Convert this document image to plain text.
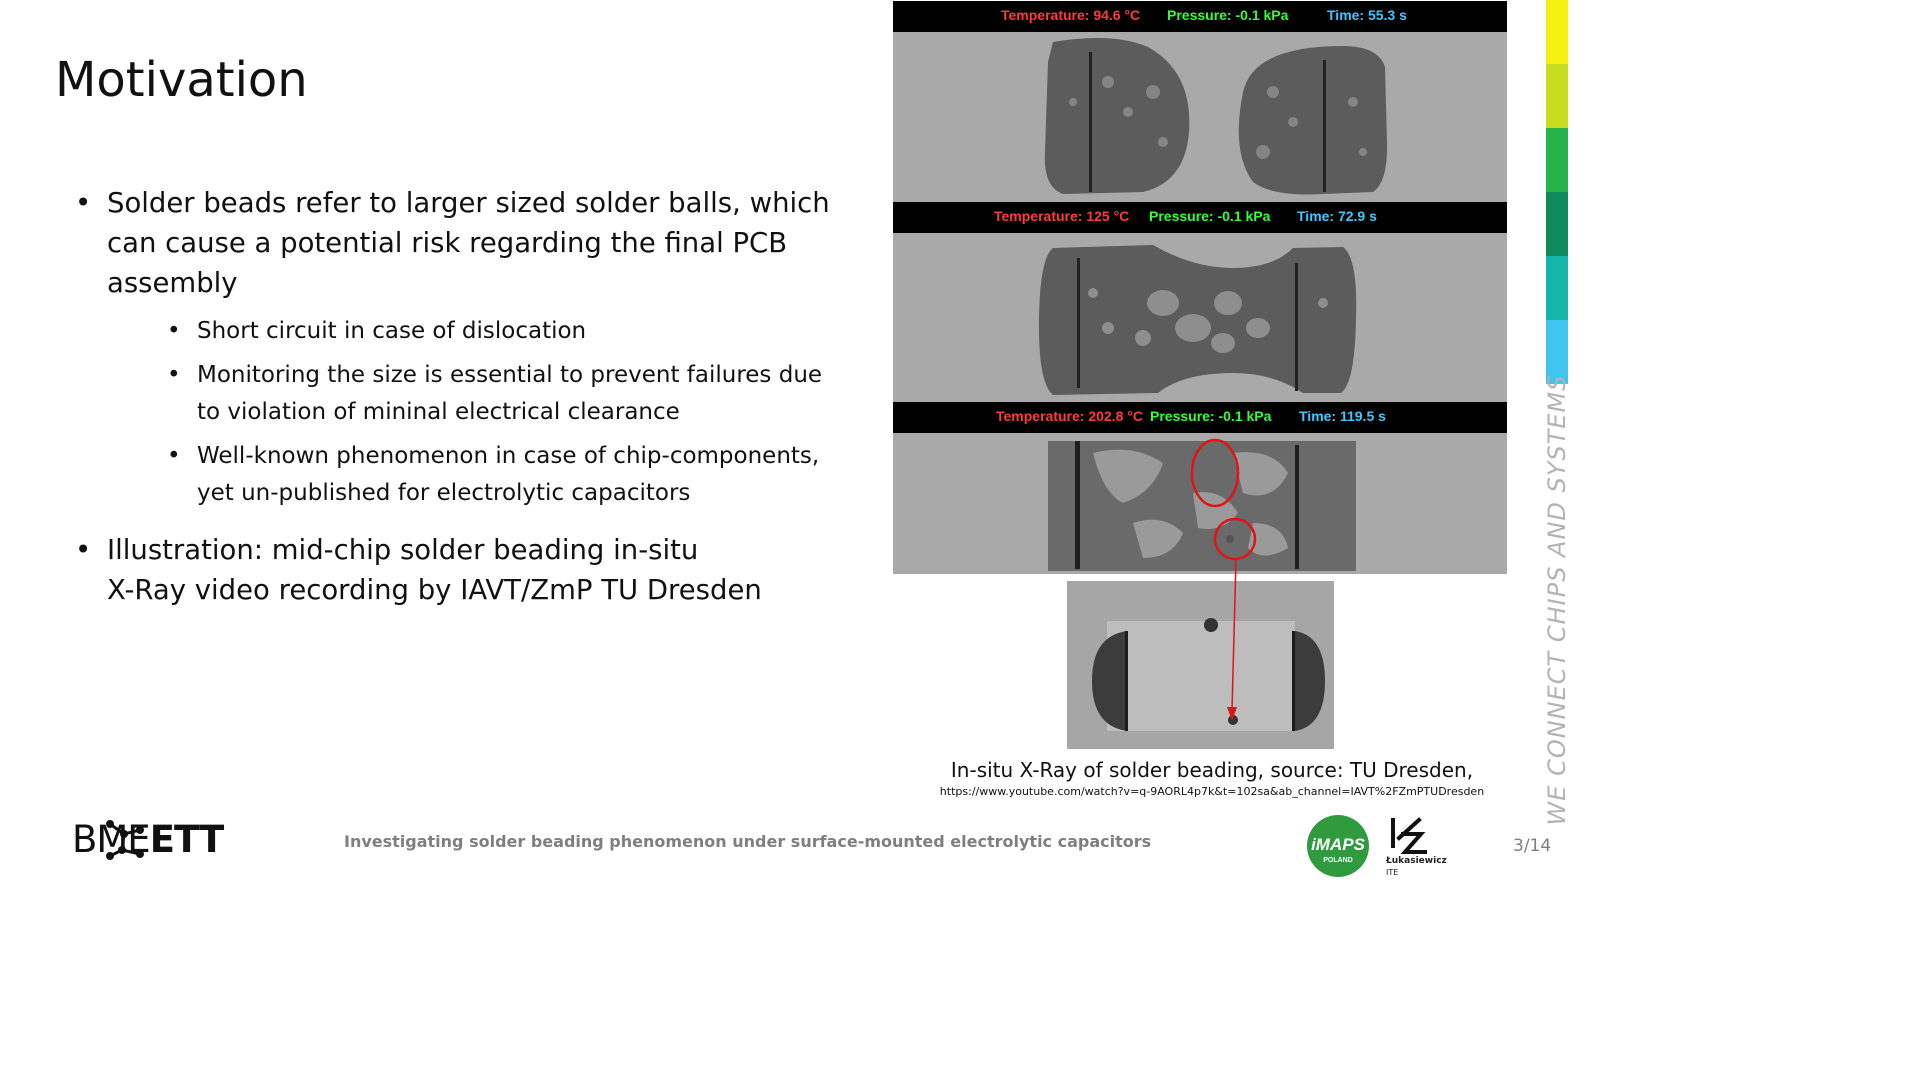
Motivation
• Solder beads refer to larger sized solder balls, which
can cause a potential risk regarding the final PCB
assembly
• Short circuit in case of dislocation
• Monitoring the size is essential to prevent failures due
to violation of mininal electrical clearance
• Well-known phenomenon in case of chip-components,
yet un-published for electrolytic capacitors
• Illustration: mid-chip solder beading in-situ
X-Ray video recording by IAVT/ZmP TU Dresden
Temperature: 94.6 °C Pressure: -0.1 kPa	Time: 55.3 s
Temperature: 125 °C Pressure: -0.1 kPa Time: 72.9 s
Temperature: 202.8 °C Pressure: -0.1 kPa Time: 119.5 s
In-situ X-Ray of solder beading, source: TU Dresden,
https://www.youtube.com/watch?v=q-9AORL4p7k&t=102sa&ab_channel=IAVT%2FZmPTUDresden	WE CONNECT CHIPS AND SYSTEMS
BMEETT	Investigating solder beading phenomenon under surface-mounted electrolytic capacitors	iMAPS
POLAND	Łukasiewicz
ITE
3/14
